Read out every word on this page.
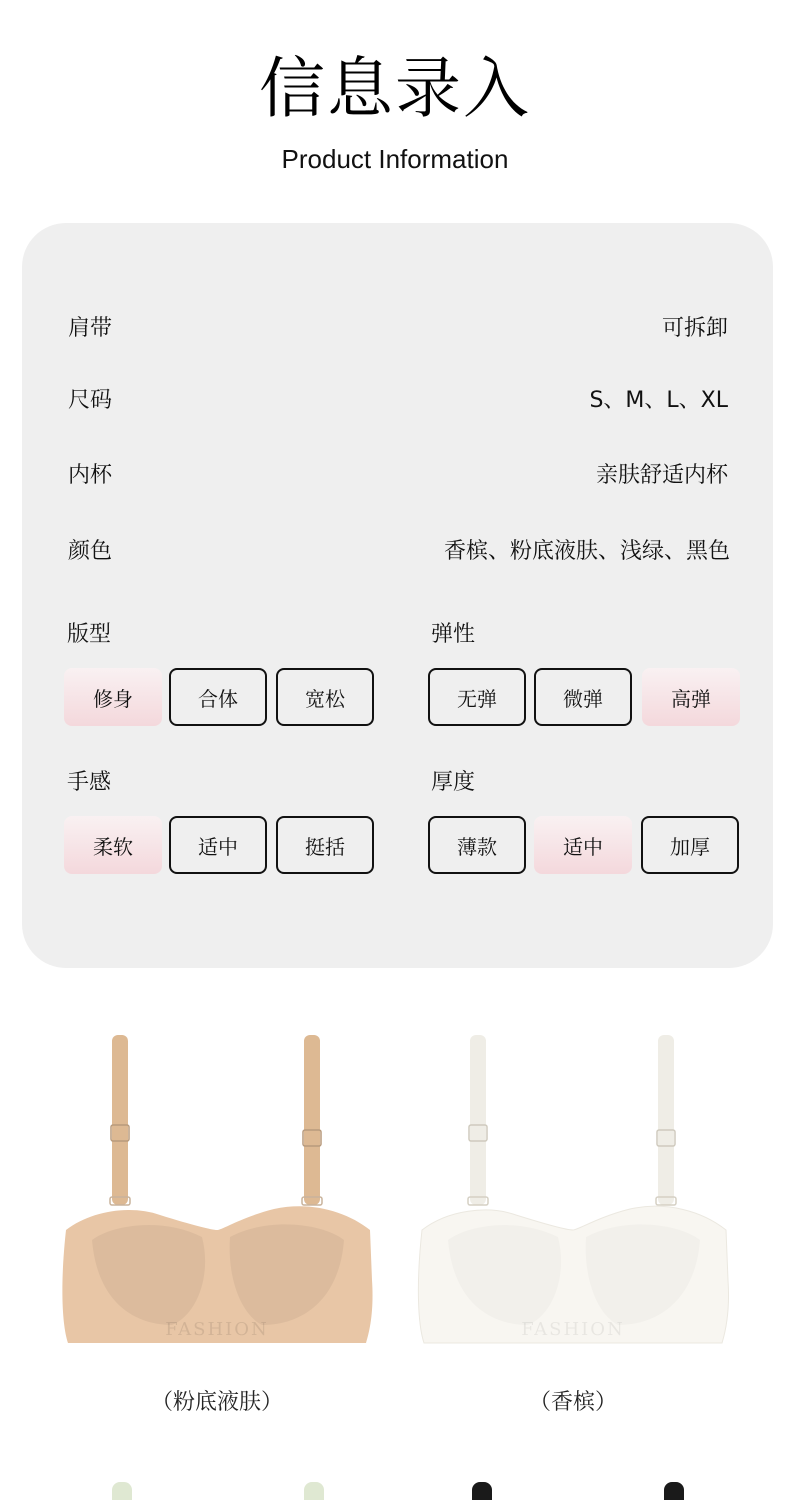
信息录入
Product Information
肩带	可拆卸
尺码	S、M、L、XL
内杯	亲肤舒适内杯
颜色	香槟、粉底液肤、浅绿、黑色
版型
修身	合体	宽松
弹性
无弹	微弹	高弹
手感
柔软	适中	挺括
厚度
薄款	适中	加厚
FASHION
（粉底液肤）
FASHION
（香槟）
